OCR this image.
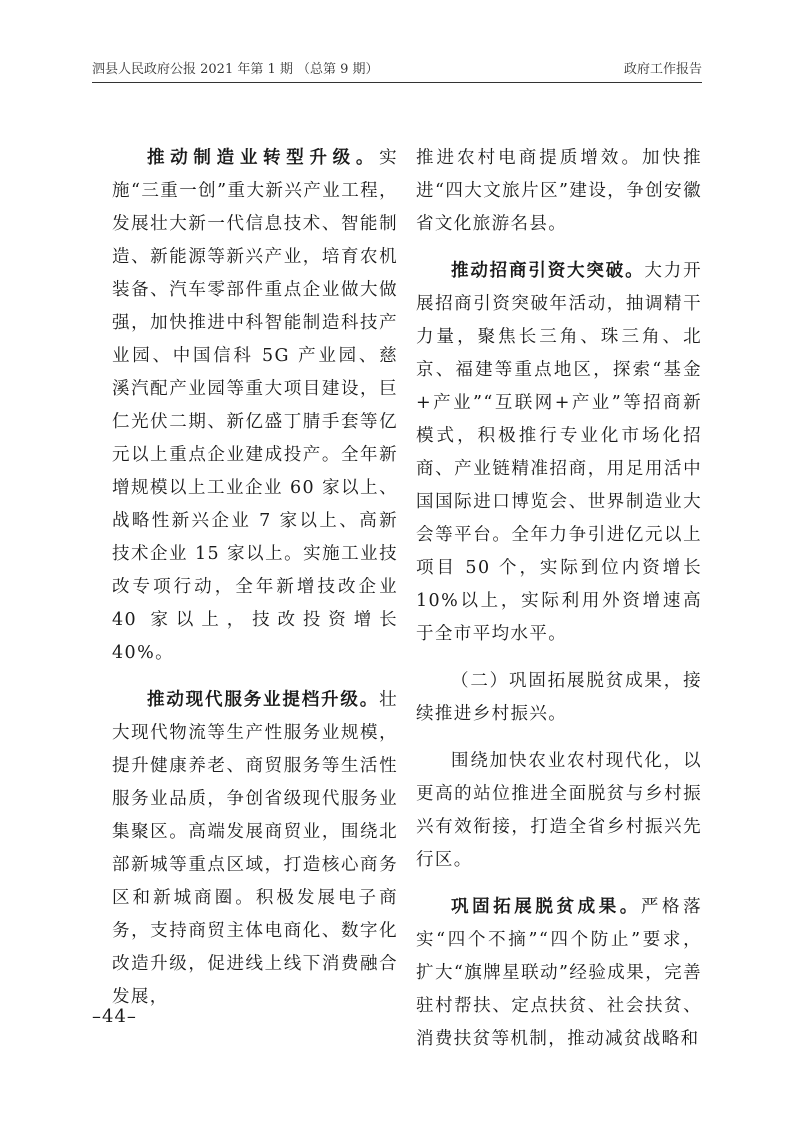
泗县人民政府公报 2021 年第 1 期 （总第 9 期）	政府工作报告

推动制造业转型升级。实施“三重一创”重大新兴产业工程，发展壮大新一代信息技术、智能制造、新能源等新兴产业，培育农机装备、汽车零部件重点企业做大做强，加快推进中科智能制造科技产业园、中国信科 5G 产业园、慈溪汽配产业园等重大项目建设，巨仁光伏二期、新亿盛丁腈手套等亿元以上重点企业建成投产。全年新增规模以上工业企业 60 家以上、战略性新兴企业 7 家以上、高新技术企业 15 家以上。实施工业技改专项行动，全年新增技改企业 40 家以上，技改投资增长 40%。

推动现代服务业提档升级。壮大现代物流等生产性服务业规模，提升健康养老、商贸服务等生活性服务业品质，争创省级现代服务业集聚区。高端发展商贸业，围绕北部新城等重点区域，打造核心商务区和新城商圈。积极发展电子商务，支持商贸主体电商化、数字化改造升级，促进线上线下消费融合发展，

推进农村电商提质增效。加快推进“四大文旅片区”建设，争创安徽省文化旅游名县。

推动招商引资大突破。大力开展招商引资突破年活动，抽调精干力量，聚焦长三角、珠三角、北京、福建等重点地区，探索“基金+产业”“互联网+产业”等招商新模式，积极推行专业化市场化招商、产业链精准招商，用足用活中国国际进口博览会、世界制造业大会等平台。全年力争引进亿元以上项目 50 个，实际到位内资增长 10%以上，实际利用外资增速高于全市平均水平。

（二）巩固拓展脱贫成果，接续推进乡村振兴。

围绕加快农业农村现代化，以更高的站位推进全面脱贫与乡村振兴有效衔接，打造全省乡村振兴先行区。

巩固拓展脱贫成果。严格落实“四个不摘”“四个防止”要求，扩大“旗牌星联动”经验成果，完善驻村帮扶、定点扶贫、社会扶贫、消费扶贫等机制，推动减贫战略和

–44–
